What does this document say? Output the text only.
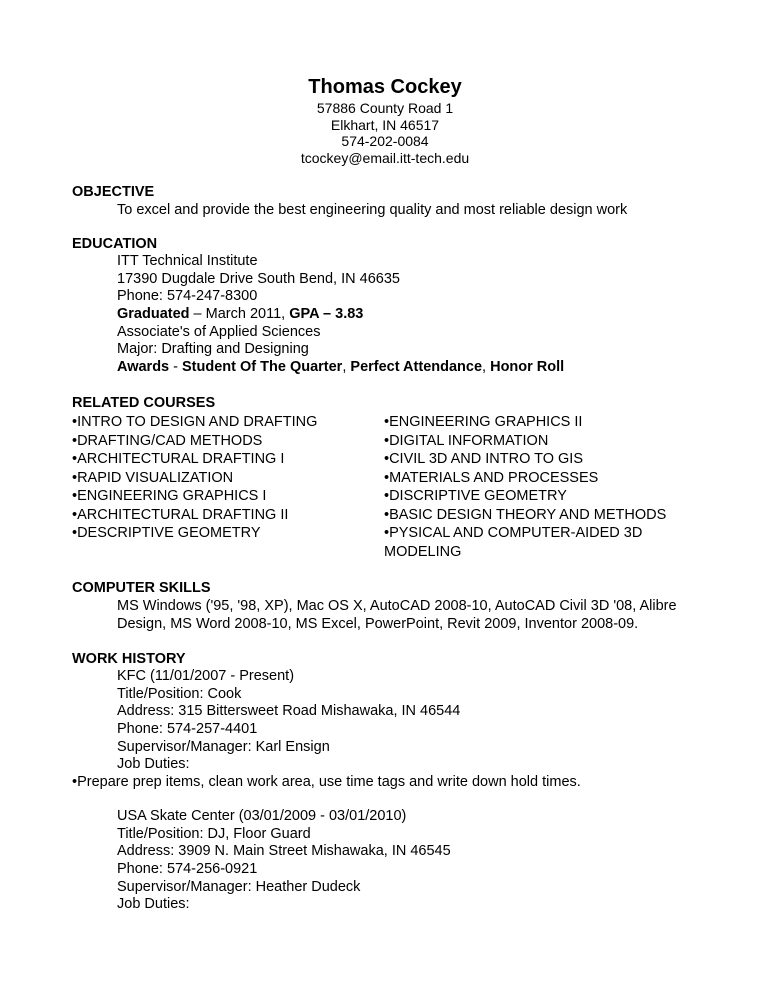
Thomas Cockey
57886 County Road 1
Elkhart, IN 46517
574-202-0084
tcockey@email.itt-tech.edu
OBJECTIVE
To excel and provide the best engineering quality and most reliable design work
EDUCATION
ITT Technical Institute
17390 Dugdale Drive South Bend, IN 46635
Phone: 574-247-8300
Graduated – March 2011, GPA – 3.83
Associate's of Applied Sciences
Major: Drafting and Designing
Awards - Student Of The Quarter, Perfect Attendance, Honor Roll
RELATED COURSES
•INTRO TO DESIGN AND DRAFTING
•DRAFTING/CAD METHODS
•ARCHITECTURAL DRAFTING I
•RAPID VISUALIZATION
•ENGINEERING GRAPHICS I
•ARCHITECTURAL DRAFTING II
•DESCRIPTIVE GEOMETRY
•ENGINEERING GRAPHICS II
•DIGITAL INFORMATION
•CIVIL 3D AND INTRO TO GIS
•MATERIALS AND PROCESSES
•DISCRIPTIVE GEOMETRY
•BASIC DESIGN THEORY AND METHODS
•PYSICAL AND COMPUTER-AIDED 3D MODELING
COMPUTER SKILLS
MS Windows ('95, '98, XP), Mac OS X, AutoCAD 2008-10, AutoCAD Civil 3D '08, Alibre
Design, MS Word 2008-10, MS Excel, PowerPoint, Revit 2009, Inventor 2008-09.
WORK HISTORY
KFC (11/01/2007 - Present)
Title/Position: Cook
Address: 315 Bittersweet Road Mishawaka, IN 46544
Phone: 574-257-4401
Supervisor/Manager: Karl Ensign
Job Duties:
•Prepare prep items, clean work area, use time tags and write down hold times.
USA Skate Center (03/01/2009 - 03/01/2010)
Title/Position: DJ, Floor Guard
Address: 3909 N. Main Street Mishawaka, IN 46545
Phone: 574-256-0921
Supervisor/Manager: Heather Dudeck
Job Duties:
